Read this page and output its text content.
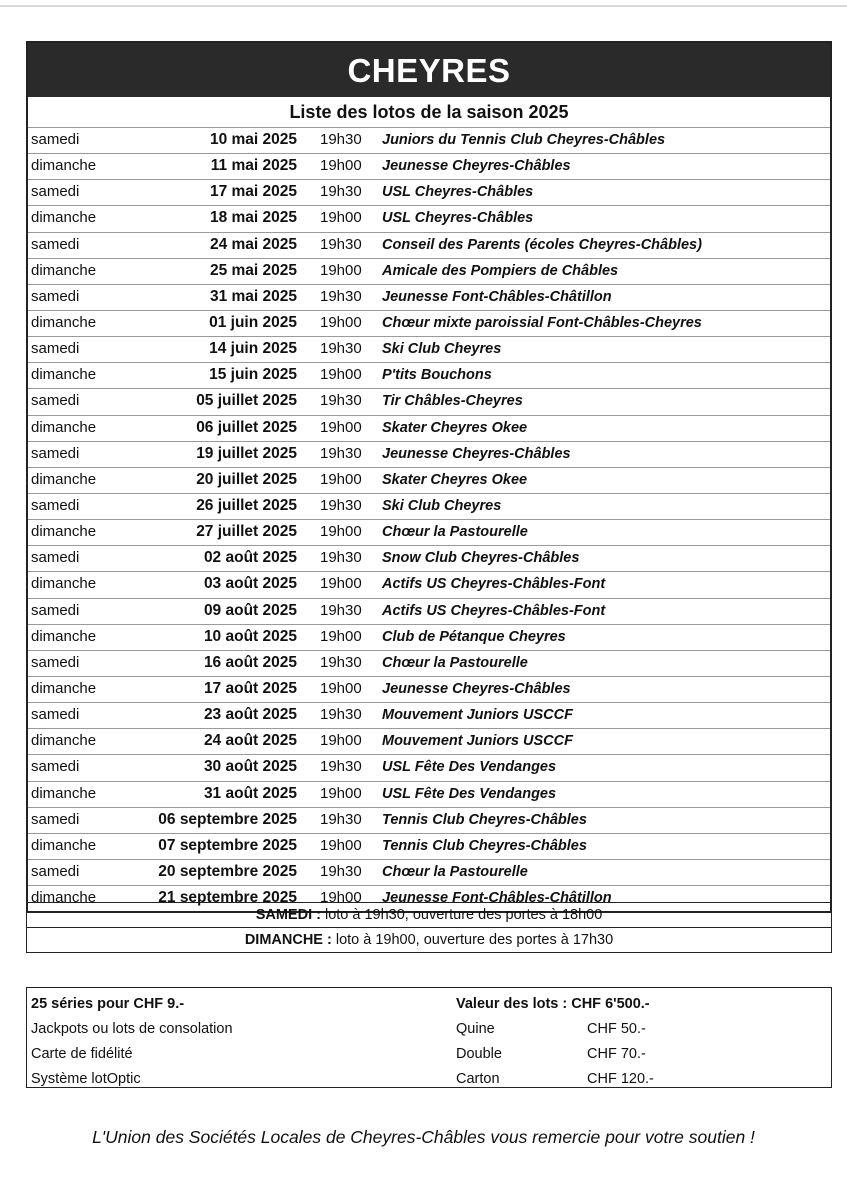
CHEYRES
Liste des lotos de la saison 2025
samedi	10 mai 2025 19h30 Juniors du Tennis Club Cheyres-Châbles
dimanche	11 mai 2025 19h00 Jeunesse Cheyres-Châbles
samedi	17 mai 2025 19h30 USL Cheyres-Châbles
dimanche	18 mai 2025 19h00 USL Cheyres-Châbles
samedi	24 mai 2025 19h30 Conseil des Parents (écoles Cheyres-Châbles)
dimanche	25 mai 2025 19h00 Amicale des Pompiers de Châbles
samedi	31 mai 2025 19h30 Jeunesse Font-Châbles-Châtillon
dimanche	01 juin 2025 19h00 Chœur mixte paroissial Font-Châbles-Cheyres
samedi	14 juin 2025 19h30 Ski Club Cheyres
dimanche	15 juin 2025 19h00 P'tits Bouchons
samedi	05 juillet 2025 19h30 Tir Châbles-Cheyres
dimanche	06 juillet 2025 19h00 Skater Cheyres Okee
samedi	19 juillet 2025 19h30 Jeunesse Cheyres-Châbles
dimanche	20 juillet 2025 19h00 Skater Cheyres Okee
samedi	26 juillet 2025 19h30 Ski Club Cheyres
dimanche	27 juillet 2025 19h00 Chœur la Pastourelle
samedi	02 août 2025 19h30 Snow Club Cheyres-Châbles
dimanche	03 août 2025 19h00 Actifs US Cheyres-Châbles-Font
samedi	09 août 2025 19h30 Actifs US Cheyres-Châbles-Font
dimanche	10 août 2025 19h00 Club de Pétanque Cheyres
samedi	16 août 2025 19h30 Chœur la Pastourelle
dimanche	17 août 2025 19h00 Jeunesse Cheyres-Châbles
samedi	23 août 2025 19h30 Mouvement Juniors USCCF
dimanche	24 août 2025 19h00 Mouvement Juniors USCCF
samedi	30 août 2025 19h30 USL Fête Des Vendanges
dimanche	31 août 2025 19h00 USL Fête Des Vendanges
samedi	06 septembre 2025 19h30 Tennis Club Cheyres-Châbles
dimanche	07 septembre 2025 19h00 Tennis Club Cheyres-Châbles
samedi	20 septembre 2025 19h30 Chœur la Pastourelle
dimanche	21 septembre 2025 19h00 Jeunesse Font-Châbles-Châtillon
SAMEDI : loto à 19h30, ouverture des portes à 18h00
DIMANCHE : loto à 19h00, ouverture des portes à 17h30
25 séries pour CHF 9.-
Jackpots ou lots de consolation
Carte de fidélité
Système lotOptic
Valeur des lots : CHF 6'500.-
Quine	CHF 50.-
Double	CHF 70.-
Carton	CHF 120.-
L'Union des Sociétés Locales de Cheyres-Châbles vous remercie pour votre soutien !
